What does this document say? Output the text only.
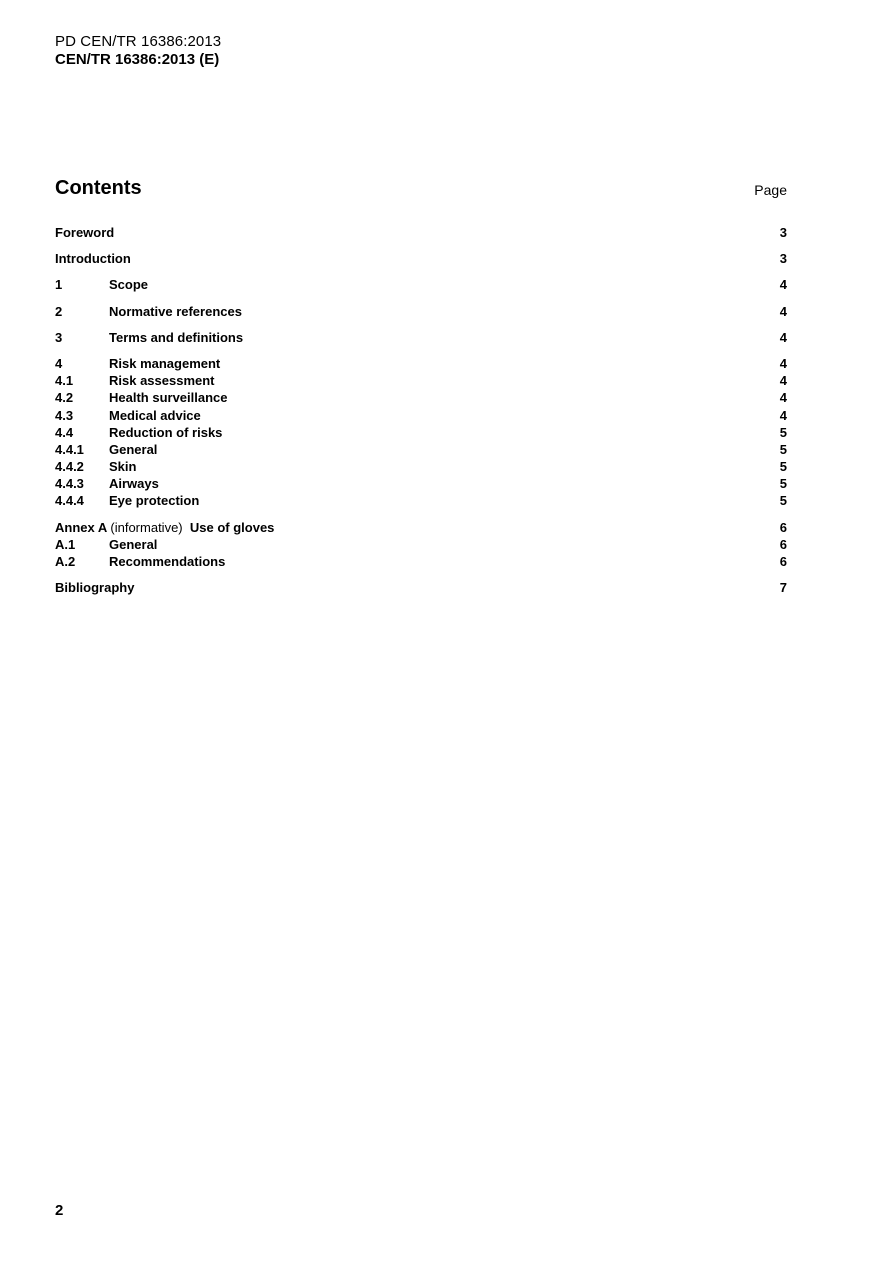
PD CEN/TR 16386:2013
CEN/TR 16386:2013 (E)
Contents	Page
Foreword	3
Introduction	3
1	Scope	4
2	Normative references	4
3	Terms and definitions	4
4	Risk management	4
4.1	Risk assessment	4
4.2	Health surveillance	4
4.3	Medical advice	4
4.4	Reduction of risks	5
4.4.1	General	5
4.4.2	Skin	5
4.4.3	Airways	5
4.4.4	Eye protection	5
Annex A (informative) Use of gloves	6
A.1	General	6
A.2	Recommendations	6
Bibliography	7
2
